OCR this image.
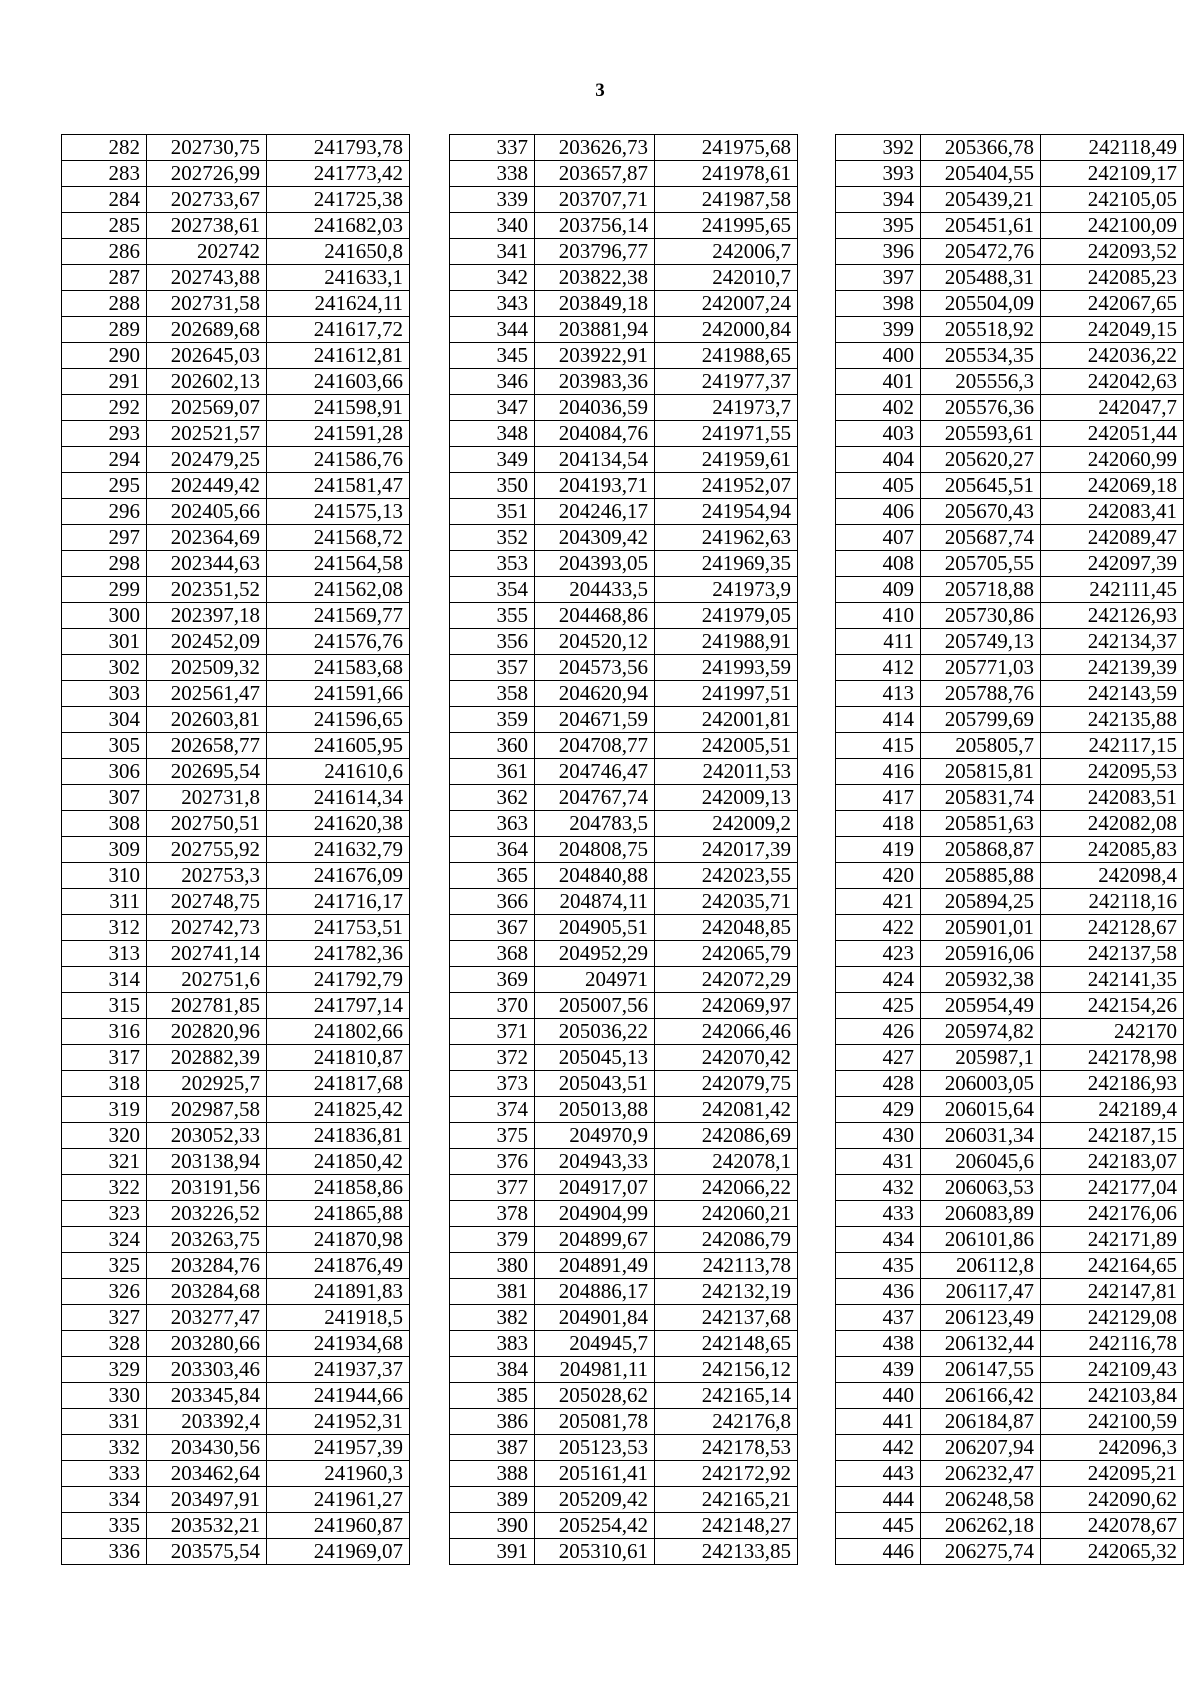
3
282	202730,75	241793,78
283	202726,99	241773,42
284	202733,67	241725,38
285	202738,61	241682,03
286	202742	241650,8
287	202743,88	241633,1
288	202731,58	241624,11
289	202689,68	241617,72
290	202645,03	241612,81
291	202602,13	241603,66
292	202569,07	241598,91
293	202521,57	241591,28
294	202479,25	241586,76
295	202449,42	241581,47
296	202405,66	241575,13
297	202364,69	241568,72
298	202344,63	241564,58
299	202351,52	241562,08
300	202397,18	241569,77
301	202452,09	241576,76
302	202509,32	241583,68
303	202561,47	241591,66
304	202603,81	241596,65
305	202658,77	241605,95
306	202695,54	241610,6
307	202731,8	241614,34
308	202750,51	241620,38
309	202755,92	241632,79
310	202753,3	241676,09
311	202748,75	241716,17
312	202742,73	241753,51
313	202741,14	241782,36
314	202751,6	241792,79
315	202781,85	241797,14
316	202820,96	241802,66
317	202882,39	241810,87
318	202925,7	241817,68
319	202987,58	241825,42
320	203052,33	241836,81
321	203138,94	241850,42
322	203191,56	241858,86
323	203226,52	241865,88
324	203263,75	241870,98
325	203284,76	241876,49
326	203284,68	241891,83
327	203277,47	241918,5
328	203280,66	241934,68
329	203303,46	241937,37
330	203345,84	241944,66
331	203392,4	241952,31
332	203430,56	241957,39
333	203462,64	241960,3
334	203497,91	241961,27
335	203532,21	241960,87
336	203575,54	241969,07
337	203626,73	241975,68
338	203657,87	241978,61
339	203707,71	241987,58
340	203756,14	241995,65
341	203796,77	242006,7
342	203822,38	242010,7
343	203849,18	242007,24
344	203881,94	242000,84
345	203922,91	241988,65
346	203983,36	241977,37
347	204036,59	241973,7
348	204084,76	241971,55
349	204134,54	241959,61
350	204193,71	241952,07
351	204246,17	241954,94
352	204309,42	241962,63
353	204393,05	241969,35
354	204433,5	241973,9
355	204468,86	241979,05
356	204520,12	241988,91
357	204573,56	241993,59
358	204620,94	241997,51
359	204671,59	242001,81
360	204708,77	242005,51
361	204746,47	242011,53
362	204767,74	242009,13
363	204783,5	242009,2
364	204808,75	242017,39
365	204840,88	242023,55
366	204874,11	242035,71
367	204905,51	242048,85
368	204952,29	242065,79
369	204971	242072,29
370	205007,56	242069,97
371	205036,22	242066,46
372	205045,13	242070,42
373	205043,51	242079,75
374	205013,88	242081,42
375	204970,9	242086,69
376	204943,33	242078,1
377	204917,07	242066,22
378	204904,99	242060,21
379	204899,67	242086,79
380	204891,49	242113,78
381	204886,17	242132,19
382	204901,84	242137,68
383	204945,7	242148,65
384	204981,11	242156,12
385	205028,62	242165,14
386	205081,78	242176,8
387	205123,53	242178,53
388	205161,41	242172,92
389	205209,42	242165,21
390	205254,42	242148,27
391	205310,61	242133,85
392	205366,78	242118,49
393	205404,55	242109,17
394	205439,21	242105,05
395	205451,61	242100,09
396	205472,76	242093,52
397	205488,31	242085,23
398	205504,09	242067,65
399	205518,92	242049,15
400	205534,35	242036,22
401	205556,3	242042,63
402	205576,36	242047,7
403	205593,61	242051,44
404	205620,27	242060,99
405	205645,51	242069,18
406	205670,43	242083,41
407	205687,74	242089,47
408	205705,55	242097,39
409	205718,88	242111,45
410	205730,86	242126,93
411	205749,13	242134,37
412	205771,03	242139,39
413	205788,76	242143,59
414	205799,69	242135,88
415	205805,7	242117,15
416	205815,81	242095,53
417	205831,74	242083,51
418	205851,63	242082,08
419	205868,87	242085,83
420	205885,88	242098,4
421	205894,25	242118,16
422	205901,01	242128,67
423	205916,06	242137,58
424	205932,38	242141,35
425	205954,49	242154,26
426	205974,82	242170
427	205987,1	242178,98
428	206003,05	242186,93
429	206015,64	242189,4
430	206031,34	242187,15
431	206045,6	242183,07
432	206063,53	242177,04
433	206083,89	242176,06
434	206101,86	242171,89
435	206112,8	242164,65
436	206117,47	242147,81
437	206123,49	242129,08
438	206132,44	242116,78
439	206147,55	242109,43
440	206166,42	242103,84
441	206184,87	242100,59
442	206207,94	242096,3
443	206232,47	242095,21
444	206248,58	242090,62
445	206262,18	242078,67
446	206275,74	242065,32
